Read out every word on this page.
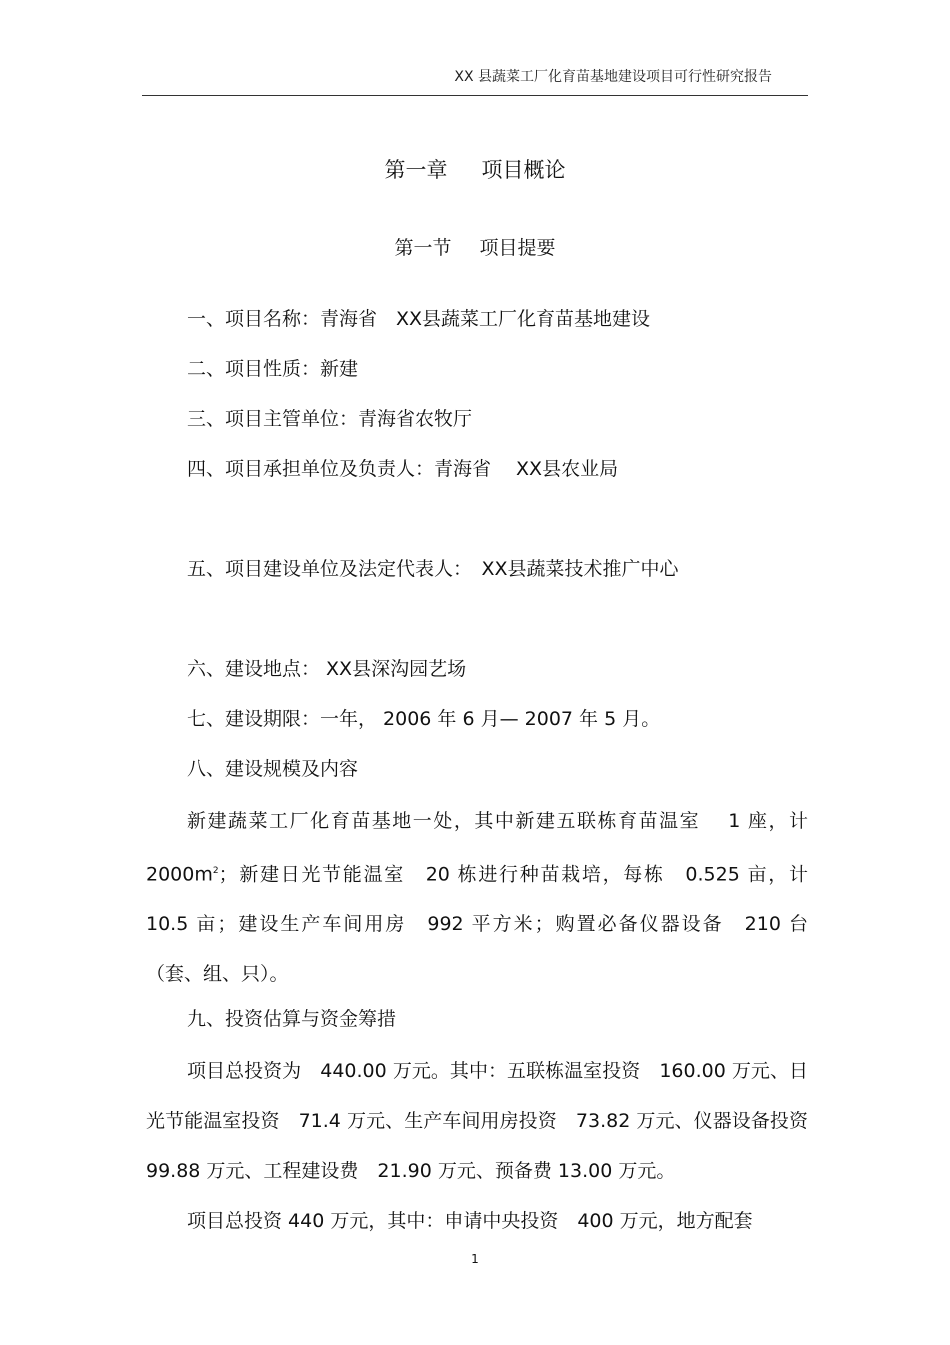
XX 县蔬菜工厂化育苗基地建设项目可行性研究报告
第一章 项目概论
第一节 项目提要
一、项目名称：青海省　XX县蔬菜工厂化育苗基地建设
二、项目性质：新建
三、项目主管单位：青海省农牧厅
四、项目承担单位及负责人：青海省　 XX县农业局
五、项目建设单位及法定代表人：　XX县蔬菜技术推广中心
六、建设地点： XX县深沟园艺场
七、建设期限：一年， 2006 年 6 月— 2007 年 5 月。
八、建设规模及内容
新建蔬菜工厂化育苗基地一处，其中新建五联栋育苗温室　 1 座，计 $2000m^2$；新建日光节能温室　20 栋进行种苗栽培，每栋　0.525 亩，计 10.5 亩；建设生产车间用房　992 平方米；购置必备仪器设备　210 台（套、组、只）。
九、投资估算与资金筹措
项目总投资为　440.00 万元。其中：五联栋温室投资　160.00 万元、日光节能温室投资　71.4 万元、生产车间用房投资　73.82 万元、仪器设备投资 99.88 万元、工程建设费　21.90 万元、预备费 13.00 万元。
项目总投资 440 万元，其中：申请中央投资　400 万元，地方配套
1
